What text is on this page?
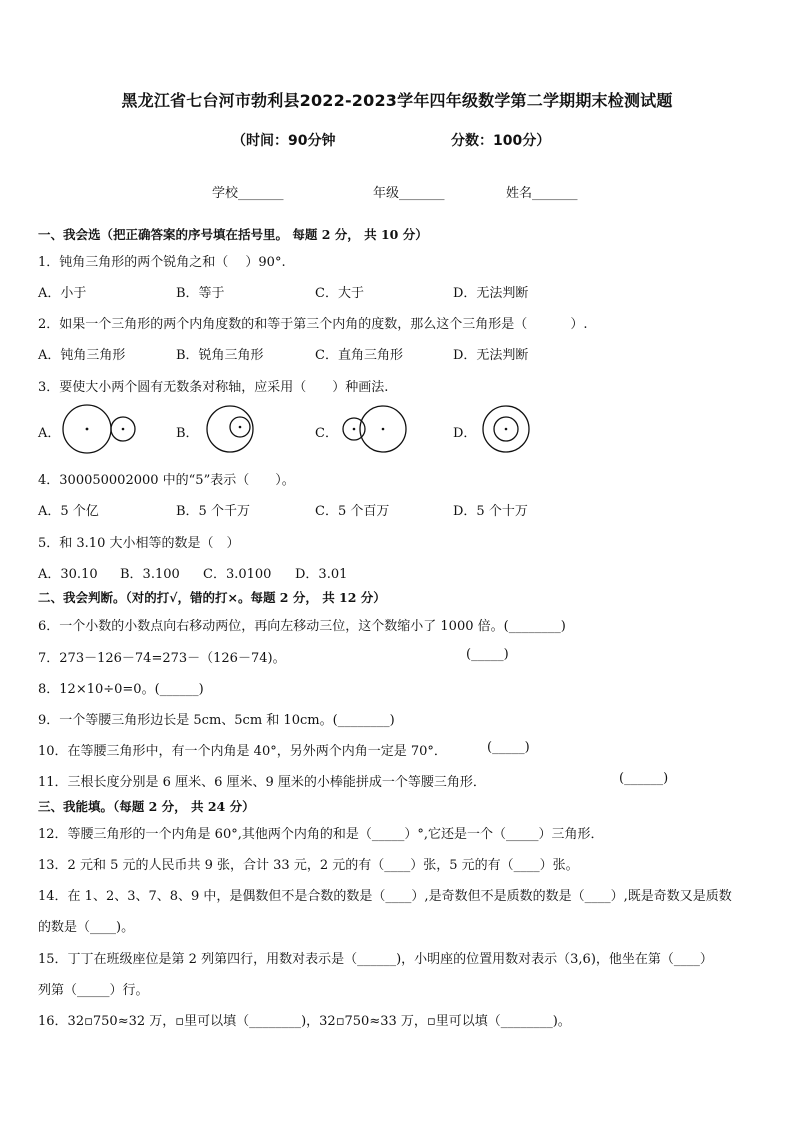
黑龙江省七台河市勃利县2022-2023学年四年级数学第二学期期末检测试题
（时间：90分钟	分数：100分）
学校_______	年级_______	姓名_______
一、我会选（把正确答案的序号填在括号里。 每题 2 分， 共 10 分）
1．钝角三角形的两个锐角之和（　 ）90°.
A．小于	B．等于	C．大于	D．无法判断
2．如果一个三角形的两个内角度数的和等于第三个内角的度数，那么这个三角形是（　　　 ）.
A．钝角三角形	B．锐角三角形	C．直角三角形	D．无法判断
3．要使大小两个圆有无数条对称轴，应采用（　　）种画法.
A．	B．	C．	D．
4．300050002000 中的“5”表示（　　）。
A．5 个亿	B．5 个千万	C．5 个百万	D．5 个十万
5．和 3.10 大小相等的数是（　）
A．30.10 B．3.100 C．3.0100 D．3.01
二、我会判断。（对的打√，错的打×。每题 2 分， 共 12 分）
6．一个小数的小数点向右移动两位，再向左移动三位，这个数缩小了 1000 倍。(________)
7．273－126－74=273－（126－74)。	(_____)
8．12×10÷0=0。(______)
9．一个等腰三角形边长是 5cm、5cm 和 10cm。(________)
10．在等腰三角形中，有一个内角是 40°，另外两个内角一定是 70°．	(_____)
11．三根长度分别是 6 厘米、6 厘米、9 厘米的小棒能拼成一个等腰三角形．	(______)
三、我能填。（每题 2 分， 共 24 分）
12．等腰三角形的一个内角是 60°,其他两个内角的和是（_____）°,它还是一个（_____）三角形．
13．2 元和 5 元的人民币共 9 张，合计 33 元，2 元的有（____）张，5 元的有（____）张。
14．在 1、2、3、7、8、9 中，是偶数但不是合数的数是（____）,是奇数但不是质数的数是（____）,既是奇数又是质数
的数是（____)。
15．丁丁在班级座位是第 2 列第四行，用数对表示是（______)，小明座的位置用数对表示（3,6)，他坐在第（____）
列第（_____）行。
16．32▫750≈32 万，▫里可以填（________)，32▫750≈33 万，▫里可以填（________)。
